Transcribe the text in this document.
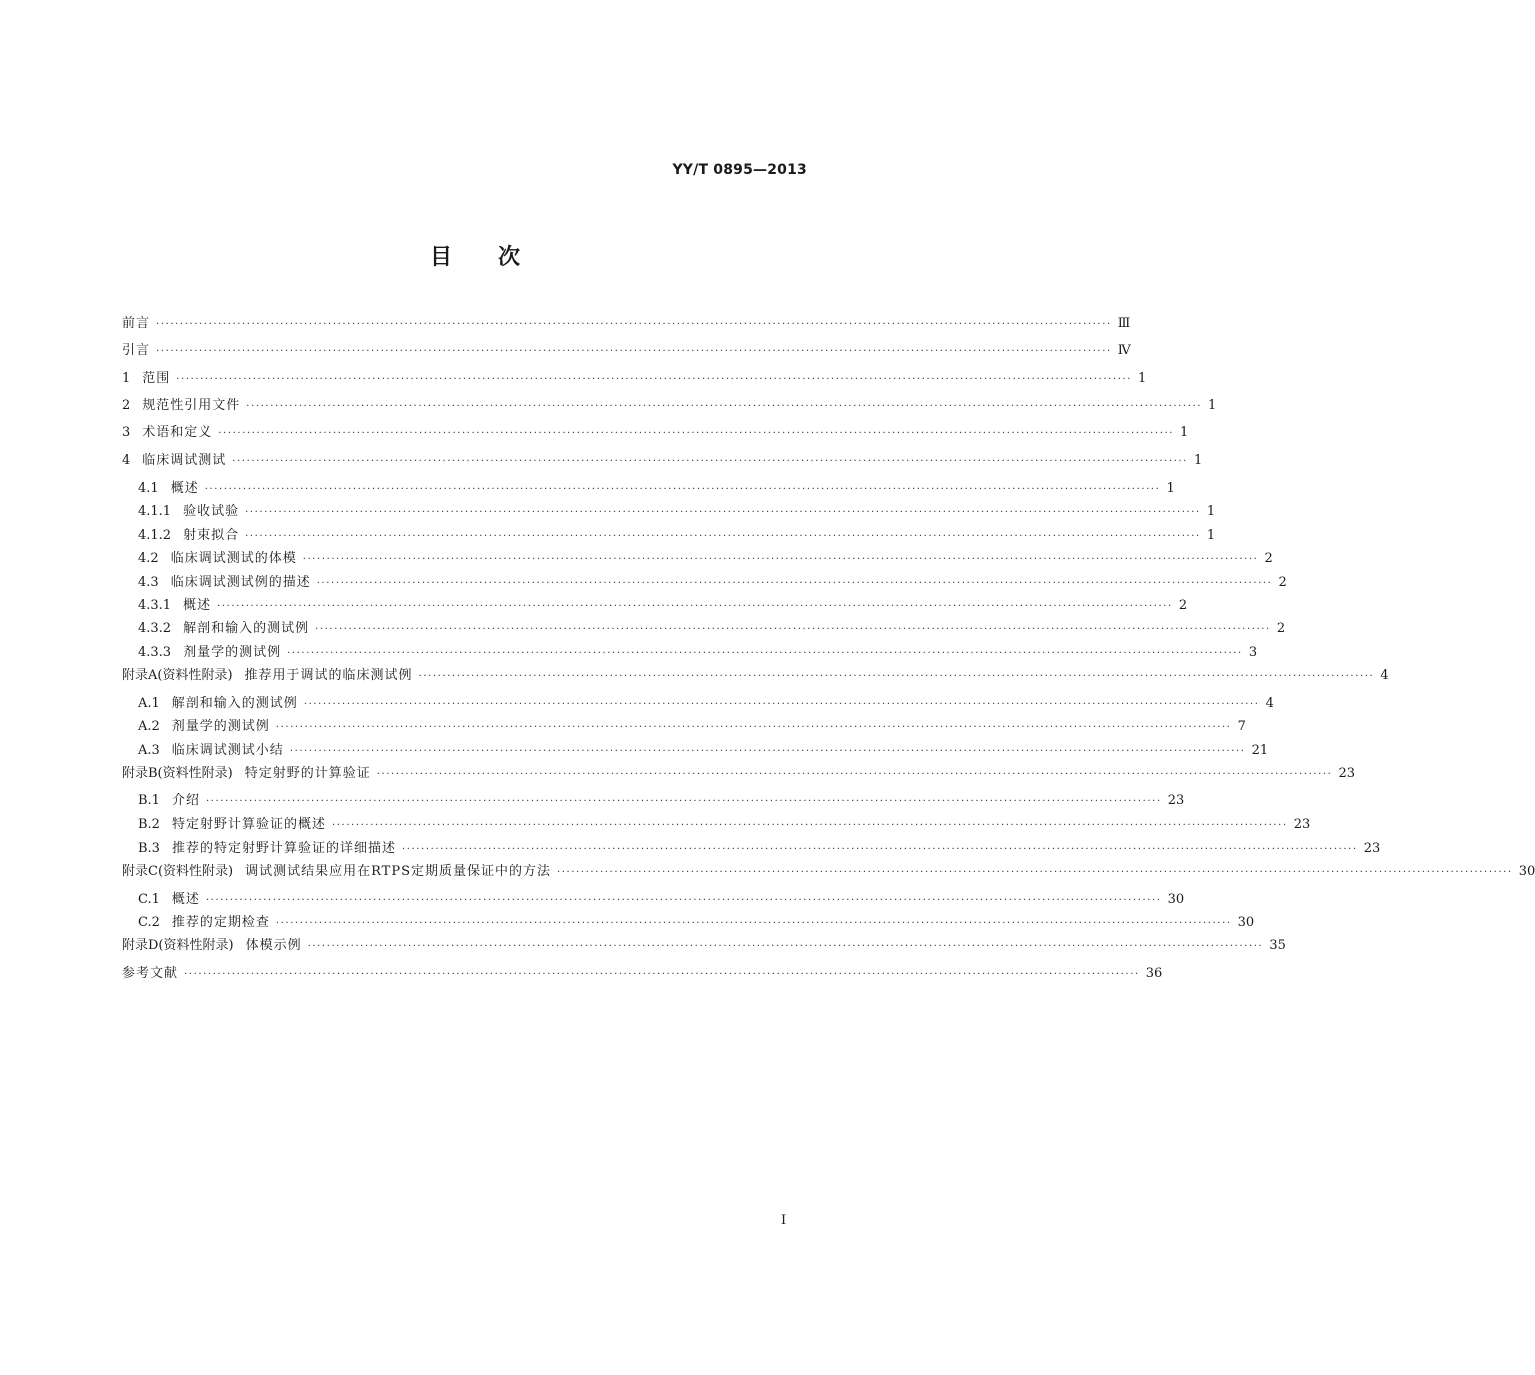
YY/T 0895—2013
目 次
前言 ········································································································································································································ Ⅲ
引言 ········································································································································································································ Ⅳ
1 范围 ········································································································································································································ 1
2 规范性引用文件 ········································································································································································································ 1
3 术语和定义 ········································································································································································································ 1
4 临床调试测试 ········································································································································································································ 1
4.1 概述 ········································································································································································································ 1
4.1.1 验收试验 ········································································································································································································ 1
4.1.2 射束拟合 ········································································································································································································ 1
4.2 临床调试测试的体模 ········································································································································································································ 2
4.3 临床调试测试例的描述 ········································································································································································································ 2
4.3.1 概述 ········································································································································································································ 2
4.3.2 解剖和输入的测试例 ········································································································································································································ 2
4.3.3 剂量学的测试例 ········································································································································································································ 3
附录A(资料性附录) 推荐用于调试的临床测试例 ········································································································································································································ 4
A.1 解剖和输入的测试例 ········································································································································································································ 4
A.2 剂量学的测试例 ········································································································································································································ 7
A.3 临床调试测试小结 ········································································································································································································ 21
附录B(资料性附录) 特定射野的计算验证 ········································································································································································································ 23
B.1 介绍 ········································································································································································································ 23
B.2 特定射野计算验证的概述 ········································································································································································································ 23
B.3 推荐的特定射野计算验证的详细描述 ········································································································································································································ 23
附录C(资料性附录) 调试测试结果应用在RTPS定期质量保证中的方法 ········································································································································································································ 30
C.1 概述 ········································································································································································································ 30
C.2 推荐的定期检查 ········································································································································································································ 30
附录D(资料性附录) 体模示例 ········································································································································································································ 35
参考文献 ········································································································································································································ 36
I
